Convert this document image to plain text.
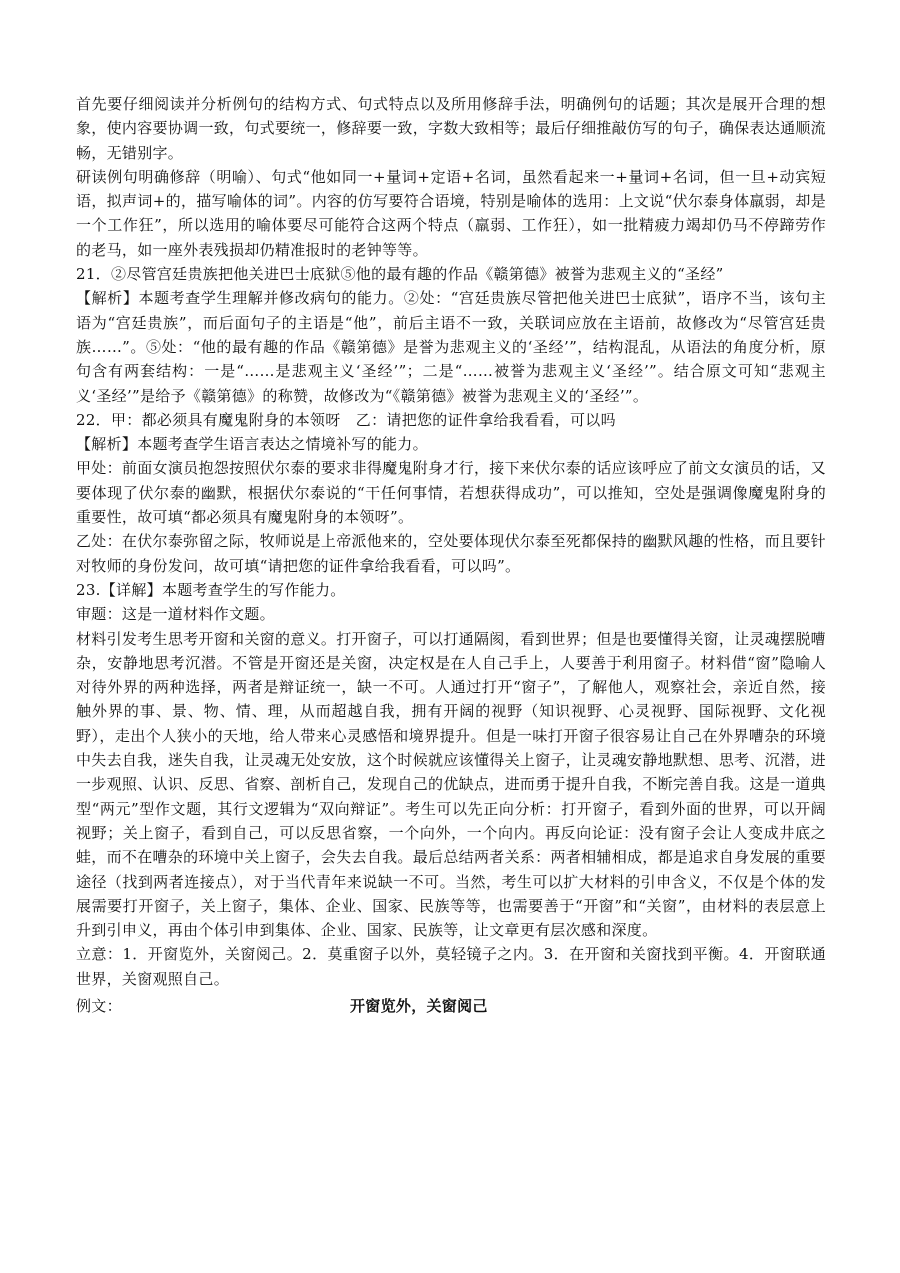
首先要仔细阅读并分析例句的结构方式、句式特点以及所用修辞手法，明确例句的话题；其次是展开合理的想象，使内容要协调一致，句式要统一，修辞要一致，字数大致相等；最后仔细推敲仿写的句子，确保表达通顺流畅，无错别字。

研读例句明确修辞（明喻）、句式“他如同一+量词+定语+名词，虽然看起来一+量词+名词，但一旦+动宾短语，拟声词+的，描写喻体的词”。内容的仿写要符合语境，特别是喻体的选用：上文说“伏尔泰身体羸弱，却是一个工作狂”，所以选用的喻体要尽可能符合这两个特点（羸弱、工作狂），如一批精疲力竭却仍马不停蹄劳作的老马，如一座外表残损却仍精准报时的老钟等等。

21．②尽管宫廷贵族把他关进巴士底狱⑤他的最有趣的作品《赣第德》被誉为悲观主义的“圣经”

【解析】本题考查学生理解并修改病句的能力。②处：“宫廷贵族尽管把他关进巴士底狱”，语序不当，该句主语为“宫廷贵族”，而后面句子的主语是“他”，前后主语不一致，关联词应放在主语前，故修改为“尽管宫廷贵族……”。⑤处：“他的最有趣的作品《赣第德》是誉为悲观主义的‘圣经’”，结构混乱，从语法的角度分析，原句含有两套结构：一是“……是悲观主义‘圣经’”；二是“……被誉为悲观主义‘圣经’”。结合原文可知“悲观主义‘圣经’”是给予《赣第德》的称赞，故修改为“《赣第德》被誉为悲观主义的‘圣经’”。

22．甲：都必须具有魔鬼附身的本领呀　乙：请把您的证件拿给我看看，可以吗

【解析】本题考查学生语言表达之情境补写的能力。

甲处：前面女演员抱怨按照伏尔泰的要求非得魔鬼附身才行，接下来伏尔泰的话应该呼应了前文女演员的话，又要体现了伏尔泰的幽默，根据伏尔泰说的“干任何事情，若想获得成功”，可以推知，空处是强调像魔鬼附身的重要性，故可填“都必须具有魔鬼附身的本领呀”。

乙处：在伏尔泰弥留之际，牧师说是上帝派他来的，空处要体现伏尔泰至死都保持的幽默风趣的性格，而且要针对牧师的身份发问，故可填“请把您的证件拿给我看看，可以吗”。

23.【详解】本题考查学生的写作能力。

审题：这是一道材料作文题。

材料引发考生思考开窗和关窗的意义。打开窗子，可以打通隔阂，看到世界；但是也要懂得关窗，让灵魂摆脱嘈杂，安静地思考沉潜。不管是开窗还是关窗，决定权是在人自己手上，人要善于利用窗子。材料借“窗”隐喻人对待外界的两种选择，两者是辩证统一，缺一不可。人通过打开“窗子”，了解他人，观察社会，亲近自然，接触外界的事、景、物、情、理，从而超越自我，拥有开阔的视野（知识视野、心灵视野、国际视野、文化视野），走出个人狭小的天地，给人带来心灵感悟和境界提升。但是一味打开窗子很容易让自己在外界嘈杂的环境中失去自我，迷失自我，让灵魂无处安放，这个时候就应该懂得关上窗子，让灵魂安静地默想、思考、沉潜，进一步观照、认识、反思、省察、剖析自己，发现自己的优缺点，进而勇于提升自我，不断完善自我。这是一道典型“两元”型作文题，其行文逻辑为“双向辩证”。考生可以先正向分析：打开窗子，看到外面的世界，可以开阔视野；关上窗子，看到自己，可以反思省察，一个向外，一个向内。再反向论证：没有窗子会让人变成井底之蛙，而不在嘈杂的环境中关上窗子，会失去自我。最后总结两者关系：两者相辅相成，都是追求自身发展的重要途径（找到两者连接点），对于当代青年来说缺一不可。当然，考生可以扩大材料的引申含义，不仅是个体的发展需要打开窗子，关上窗子，集体、企业、国家、民族等等，也需要善于“开窗”和“关窗”，由材料的表层意上升到引申义，再由个体引申到集体、企业、国家、民族等，让文章更有层次感和深度。

立意：1．开窗览外，关窗阅己。2．莫重窗子以外，莫轻镜子之内。3．在开窗和关窗找到平衡。4．开窗联通世界，关窗观照自己。

例文：	开窗览外，关窗阅己
